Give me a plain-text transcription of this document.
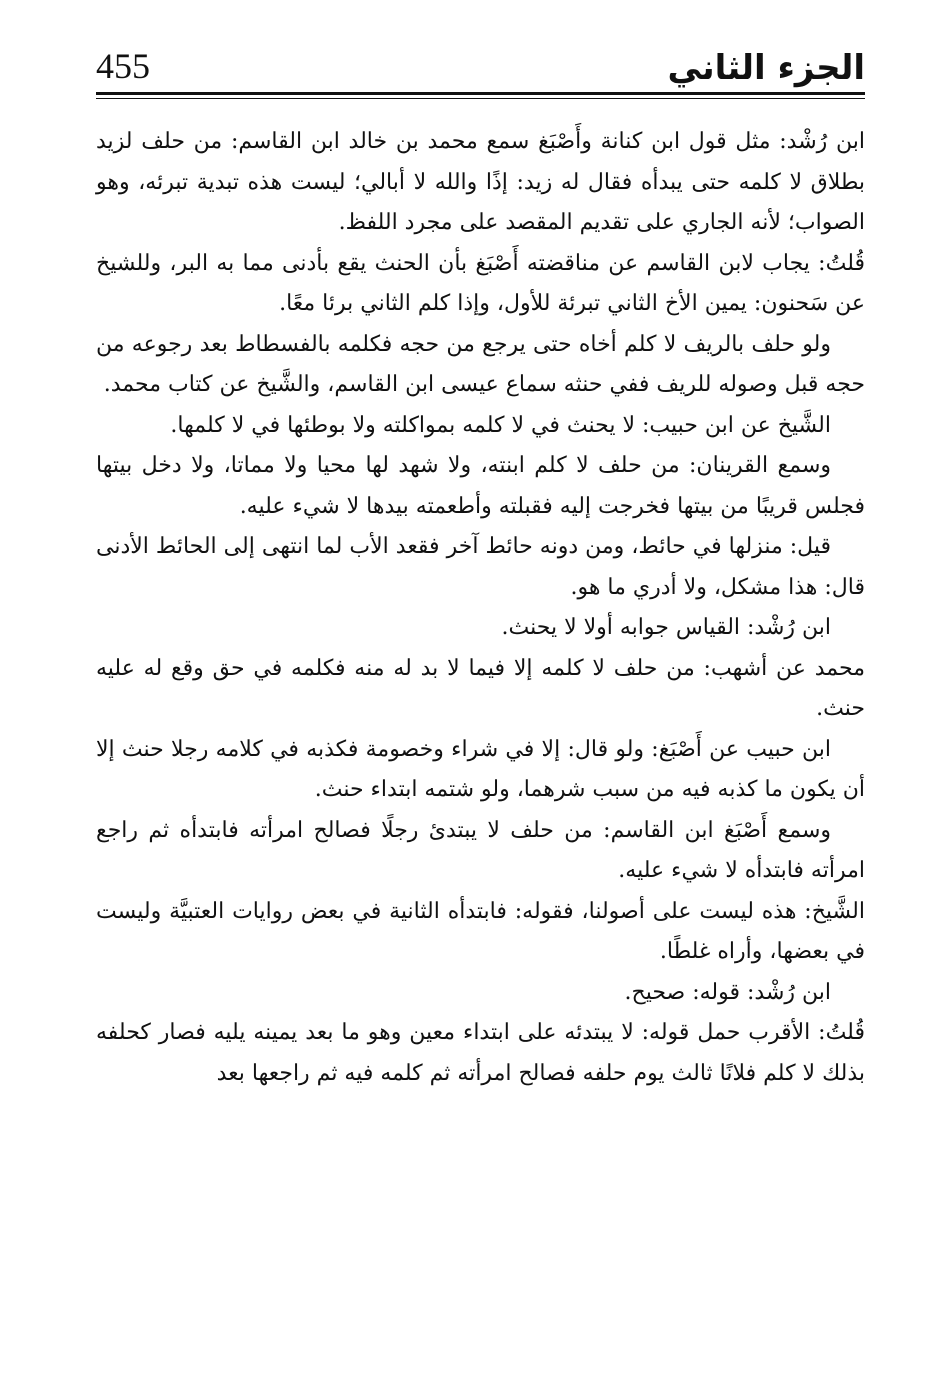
الجزء الثاني
455

ابن رُشْد: مثل قول ابن كنانة وأَصْبَغ سمع محمد بن خالد ابن القاسم: من حلف لزيد بطلاق لا كلمه حتى يبدأه فقال له زيد: إذًا والله لا أبالي؛ ليست هذه تبدية تبرئه، وهو الصواب؛ لأنه الجاري على تقديم المقصد على مجرد اللفظ.

قُلتُ: يجاب لابن القاسم عن مناقضته أَصْبَغ بأن الحنث يقع بأدنى مما به البر، وللشيخ عن سَحنون: يمين الأخ الثاني تبرئة للأول، وإذا كلم الثاني برئا معًا.

ولو حلف بالريف لا كلم أخاه حتى يرجع من حجه فكلمه بالفسطاط بعد رجوعه من حجه قبل وصوله للريف ففي حنثه سماع عيسى ابن القاسم، والشَّيخ عن كتاب محمد.

الشَّيخ عن ابن حبيب: لا يحنث في لا كلمه بمواكلته ولا بوطئها في لا كلمها.

وسمع القرينان: من حلف لا كلم ابنته، ولا شهد لها محيا ولا مماتا، ولا دخل بيتها فجلس قريبًا من بيتها فخرجت إليه فقبلته وأطعمته بيدها لا شيء عليه.

قيل: منزلها في حائط، ومن دونه حائط آخر فقعد الأب لما انتهى إلى الحائط الأدنى قال: هذا مشكل، ولا أدري ما هو.

ابن رُشْد: القياس جوابه أولا لا يحنث.

محمد عن أشهب: من حلف لا كلمه إلا فيما لا بد له منه فكلمه في حق وقع له عليه حنث.

ابن حبيب عن أَصْبَغ: ولو قال: إلا في شراء وخصومة فكذبه في كلامه رجلا حنث إلا أن يكون ما كذبه فيه من سبب شرهما، ولو شتمه ابتداء حنث.

وسمع أَصْبَغ ابن القاسم: من حلف لا يبتدئ رجلًا فصالح امرأته فابتدأه ثم راجع امرأته فابتدأه لا شيء عليه.

الشَّيخ: هذه ليست على أصولنا، فقوله: فابتدأه الثانية في بعض روايات العتبيَّة وليست في بعضها، وأراه غلطًا.

ابن رُشْد: قوله: صحيح.

قُلتُ: الأقرب حمل قوله: لا يبتدئه على ابتداء معين وهو ما بعد يمينه يليه فصار كحلفه بذلك لا كلم فلانًا ثالث يوم حلفه فصالح امرأته ثم كلمه فيه ثم راجعها بعد
